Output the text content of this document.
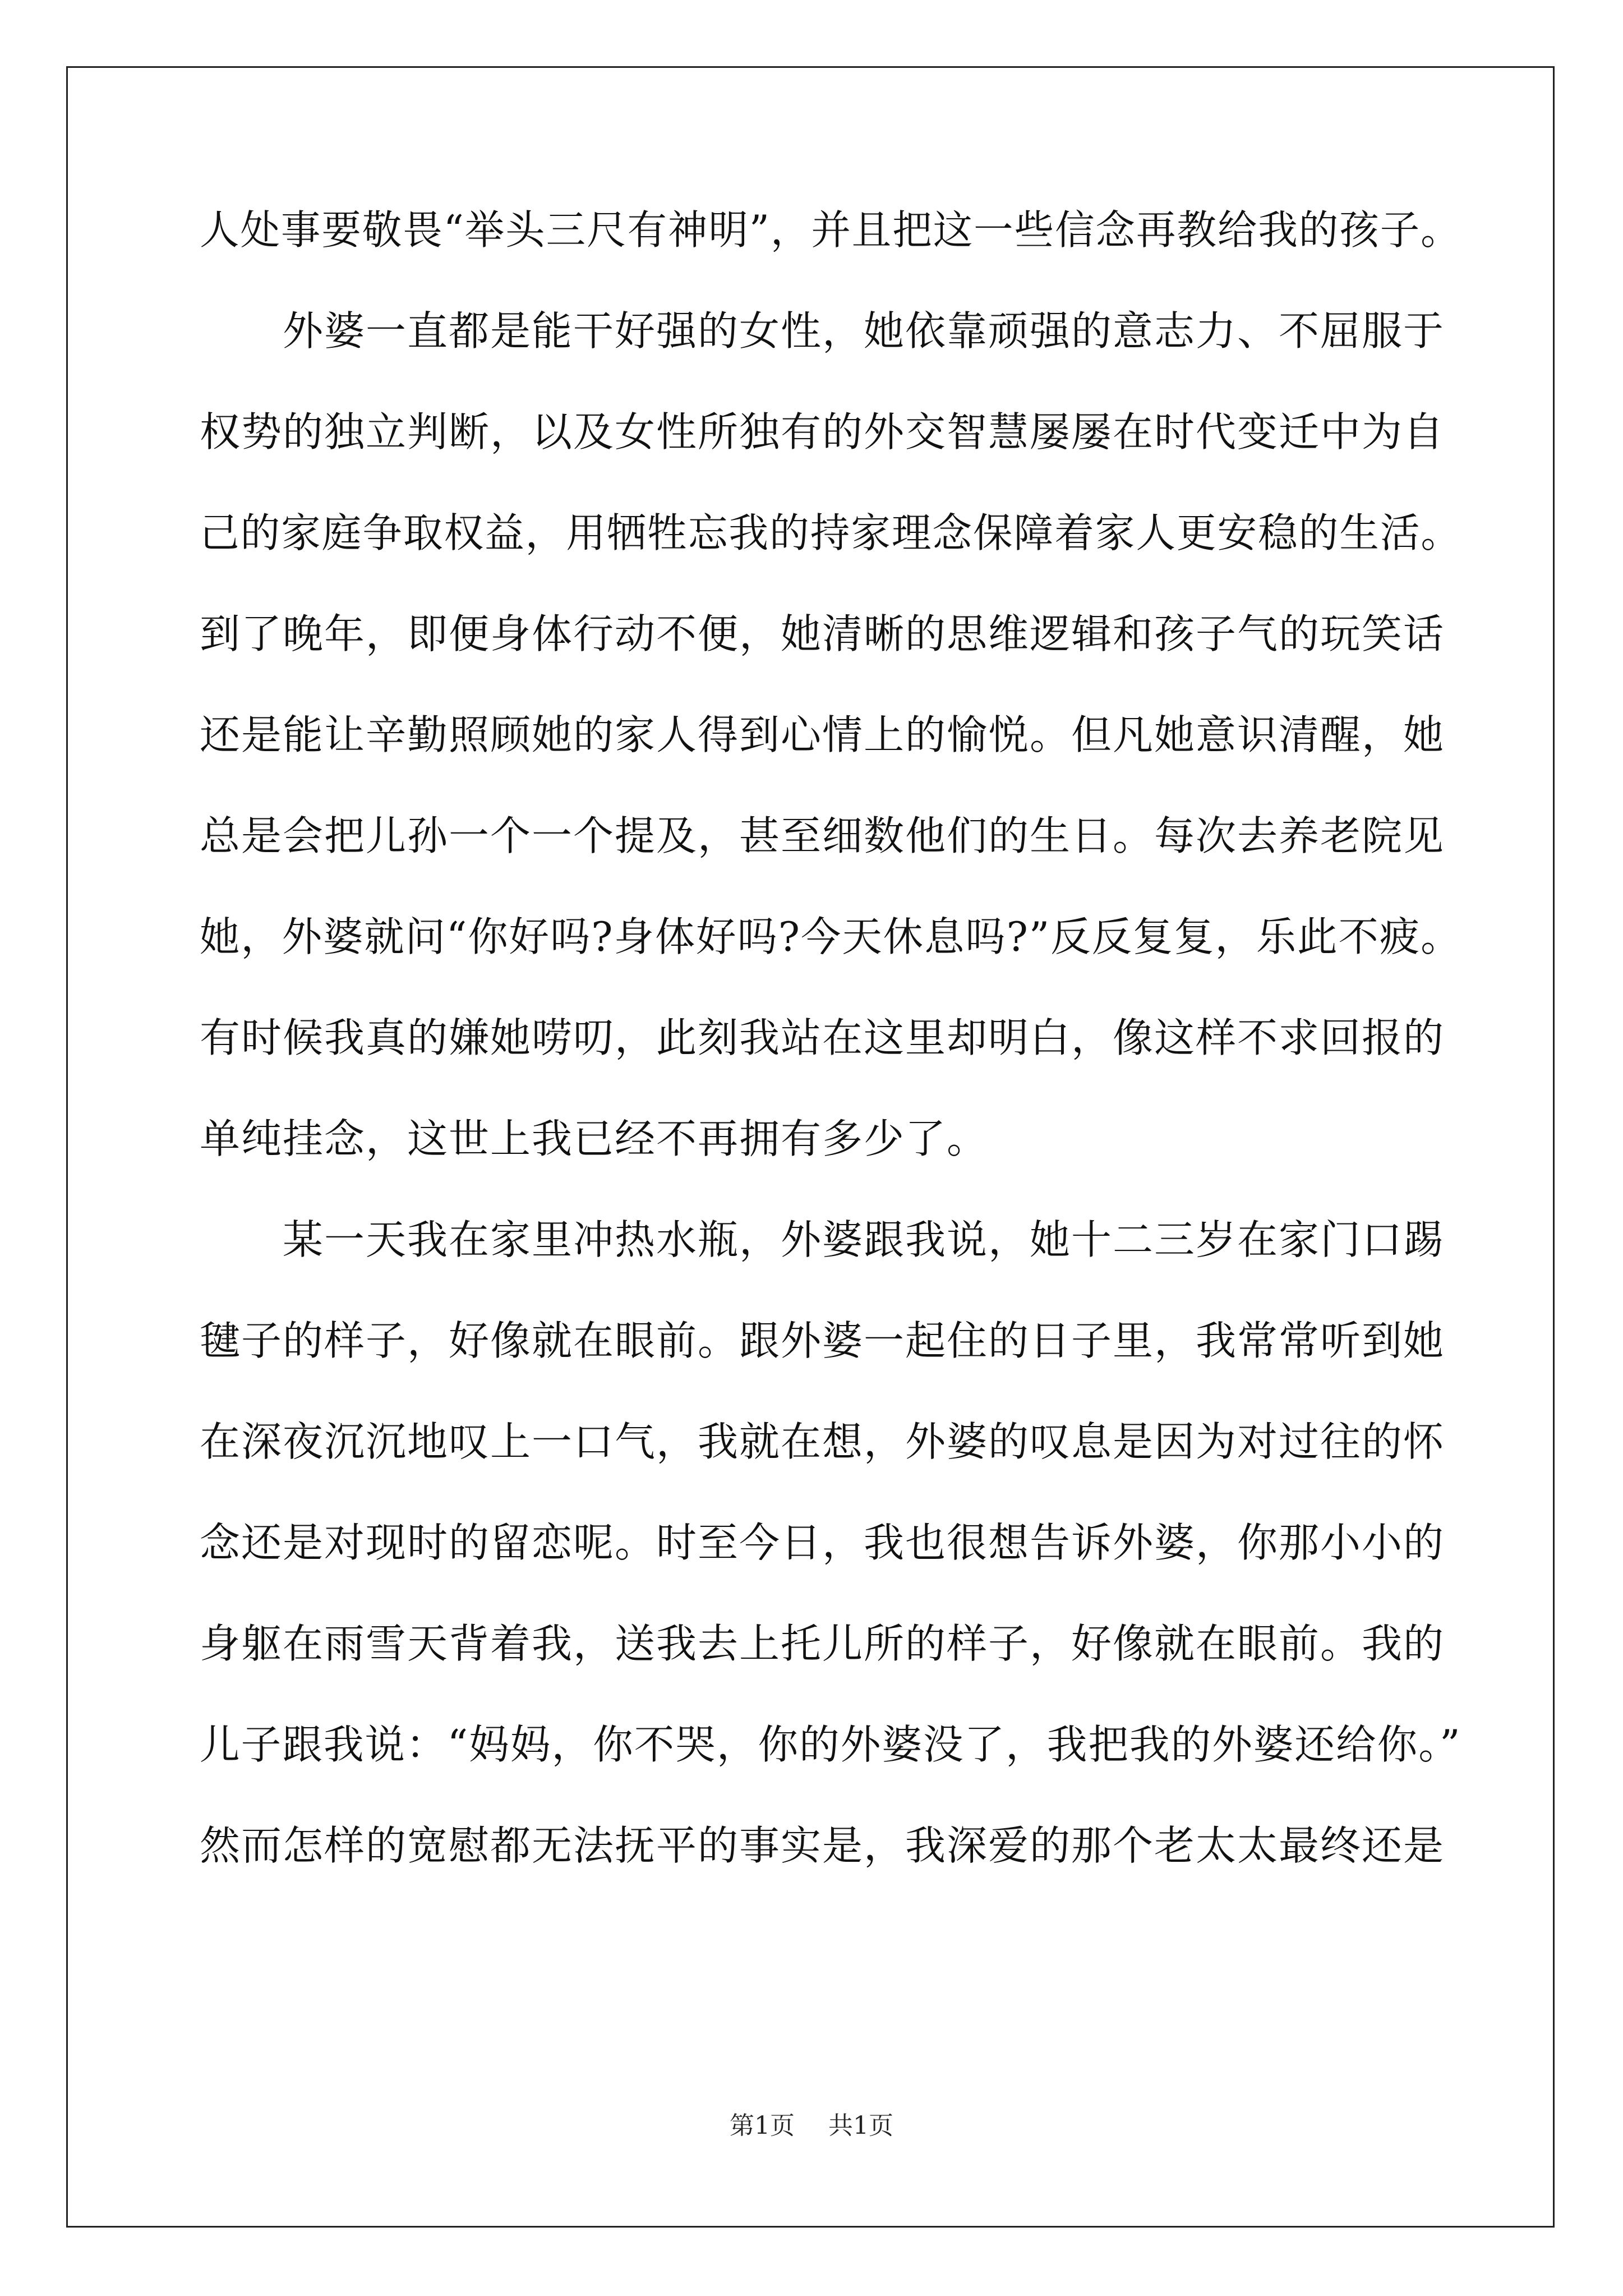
人处事要敬畏“举头三尺有神明”，并且把这一些信念再教给我的孩子。
　　外婆一直都是能干好强的女性，她依靠顽强的意志力、不屈服于
权势的独立判断，以及女性所独有的外交智慧屡屡在时代变迁中为自
己的家庭争取权益，用牺牲忘我的持家理念保障着家人更安稳的生活。
到了晚年，即便身体行动不便，她清晰的思维逻辑和孩子气的玩笑话
还是能让辛勤照顾她的家人得到心情上的愉悦。但凡她意识清醒，她
总是会把儿孙一个一个提及，甚至细数他们的生日。每次去养老院见
她，外婆就问“你好吗?身体好吗?今天休息吗?”反反复复，乐此不疲。
有时候我真的嫌她唠叨，此刻我站在这里却明白，像这样不求回报的
单纯挂念，这世上我已经不再拥有多少了。
　　某一天我在家里冲热水瓶，外婆跟我说，她十二三岁在家门口踢
毽子的样子，好像就在眼前。跟外婆一起住的日子里，我常常听到她
在深夜沉沉地叹上一口气，我就在想，外婆的叹息是因为对过往的怀
念还是对现时的留恋呢。时至今日，我也很想告诉外婆，你那小小的
身躯在雨雪天背着我，送我去上托儿所的样子，好像就在眼前。我的
儿子跟我说：“妈妈，你不哭，你的外婆没了，我把我的外婆还给你。”
然而怎样的宽慰都无法抚平的事实是，我深爱的那个老太太最终还是
第1页 共1页
